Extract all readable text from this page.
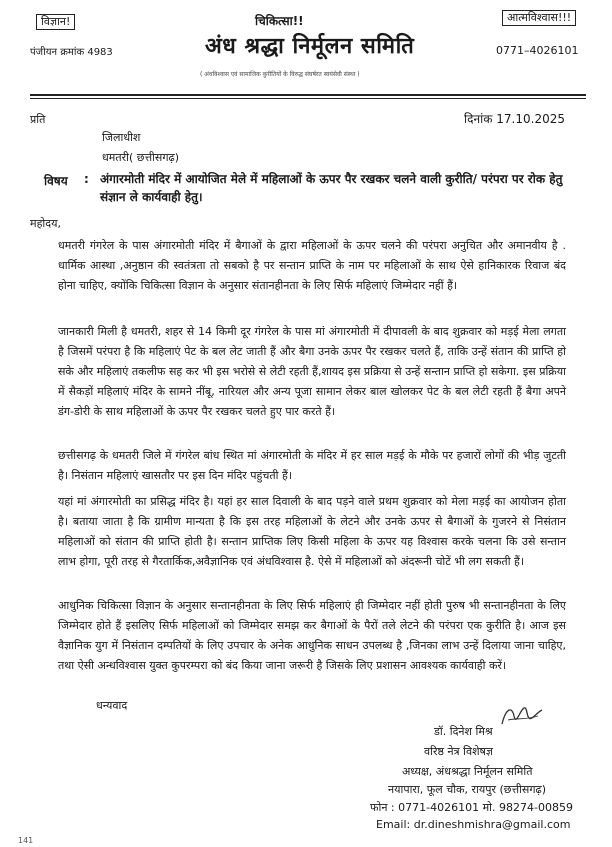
विज्ञान!	चिकित्सा!!	आत्मविश्वास!!!
अंध श्रद्धा निर्मूलन समिति
पंजीयन क्रमांक 4983	0771–4026101
( अंधविश्वास एवं सामाजिक कुरीतियों के विरुद्ध संघर्षरत स्वयंसेवी संस्था )
प्रति	दिनांक 17.10.2025
जिलाधीश
धमतरी( छत्तीसगढ़)
विषय : अंगारमोती मंदिर में आयोजित मेले में महिलाओं के ऊपर पैर रखकर चलने वाली कुरीति/ परंपरा पर रोक हेतु संज्ञान ले कार्यवाही हेतु।
महोदय,
धमतरी गंगरेल के पास अंगारमोती मंदिर में बैगाओं के द्वारा महिलाओं के ऊपर चलने की परंपरा अनुचित और अमानवीय है . धार्मिक आस्था ,अनुष्ठान की स्वतंत्रता तो सबको है पर सन्तान प्राप्ति के नाम पर महिलाओं के साथ ऐसे हानिकारक रिवाज बंद होना चाहिए, क्योंकि चिकित्सा विज्ञान के अनुसार संतानहीनता के लिए सिर्फ महिलाएं जिम्मेदार नहीं हैं।
जानकारी मिली है धमतरी, शहर से 14 किमी दूर गंगरेल के पास मां अंगारमोती में दीपावली के बाद शुक्रवार को मड़ई मेला लगता है जिसमें परंपरा है कि महिलाएं पेट के बल लेट जाती हैं और बैगा उनके ऊपर पैर रखकर चलते हैं, ताकि उन्हें संतान की प्राप्ति हो सके और महिलाएं तकलीफ सह कर भी इस भरोसे से लेटी रहती हैं,शायद इस प्रक्रिया से उन्हें सन्तान प्राप्ति हो सकेगा. इस प्रक्रिया में सैकड़ों महिलाएं मंदिर के सामने नींबू, नारियल और अन्य पूजा सामान लेकर बाल खोलकर पेट के बल लेटी रहती हैं बैगा अपने डंग-डोरी के साथ महिलाओं के ऊपर पैर रखकर चलते हुए पार करते हैं।
छत्तीसगढ़ के धमतरी जिले में गंगरेल बांध स्थित मां अंगारमोती के मंदिर में हर साल मड़ई के मौके पर हजारों लोगों की भीड़ जुटती है। निसंतान महिलाएं खासतौर पर इस दिन मंदिर पहुंचती हैं।
यहां मां अंगारमोती का प्रसिद्ध मंदिर है। यहां हर साल दिवाली के बाद पड़ने वाले प्रथम शुक्रवार को मेला मड़ई का आयोजन होता है। बताया जाता है कि ग्रामीण मान्यता है कि इस तरह महिलाओं के लेटने और उनके ऊपर से बैगाओं के गुजरने से निसंतान महिलाओं को संतान की प्राप्ति होती है। सन्तान प्राप्तिक लिए किसी महिला के ऊपर यह विश्वास करके चलना कि उसे सन्तान लाभ होगा, पूरी तरह से गैरतार्किक,अवैज्ञानिक एवं अंधविश्वास है. ऐसे में महिलाओं को अंदरूनी चोटें भी लग सकती हैं।
आधुनिक चिकित्सा विज्ञान के अनुसार सन्तानहीनता के लिए सिर्फ महिलाएं ही जिम्मेदार नहीं होती पुरुष भी सन्तानहीनता के लिए जिम्मेदार होते हैं इसलिए सिर्फ महिलाओं को जिम्मेदार समझ कर बैगाओं के पैरों तले लेटने की परंपरा एक कुरीति है। आज इस वैज्ञानिक युग में निसंतान दम्पतियों के लिए उपचार के अनेक आधुनिक साधन उपलब्ध है ,जिनका लाभ उन्हें दिलाया जाना चाहिए, तथा ऐसी अन्धविश्वास युक्त कुपरम्परा को बंद किया जाना जरूरी है जिसके लिए प्रशासन आवश्यक कार्यवाही करें।
धन्यवाद
डॉ. दिनेश मिश्र
वरिष्ठ नेत्र विशेषज्ञ
अध्यक्ष, अंधश्रद्धा निर्मूलन समिति
नयापारा, फूल चौक, रायपुर (छत्तीसगढ़)
फोन : 0771-4026101 मो. 98274-00859
Email: dr.dineshmishra@gmail.com
141
